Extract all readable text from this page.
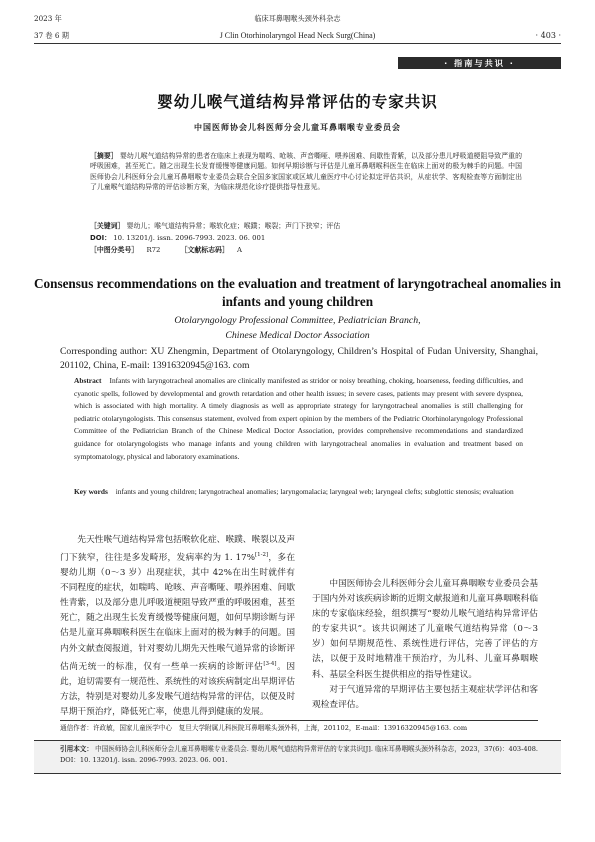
2023 年
37 卷 6 期
临床耳鼻咽喉头颈外科杂志
J Clin Otorhinolaryngol Head Neck Surg(China)	· 403 ·
· 指南与共识 ·
婴幼儿喉气道结构异常评估的专家共识
中国医师协会儿科医师分会儿童耳鼻咽喉专业委员会
［摘要］ 婴幼儿喉气道结构异常的患者在临床上表现为喘鸣、呛咳、声音嘶哑、喂养困难、间歇性青紫，以及部分患儿呼吸道梗阻导致严重的呼吸困难，甚至死亡。随之出现生长发育缓慢等健康问题。如何早期诊断与评估是儿童耳鼻咽喉科医生在临床上面对的极为棘手的问题。中国医师协会儿科医师分会儿童耳鼻咽喉专业委员会联合全国多家国家或区域儿童医疗中心讨论拟定评估共识，从症状学、客观检查等方面制定出了儿童喉气道结构异常的评估诊断方案，为临床规范化诊疗提供指导性意见。
［关键词］ 婴幼儿；喉气道结构异常；喉软化症；喉蹼；喉裂；声门下狭窄；评估
DOI： 10. 13201/j. issn. 2096-7993. 2023. 06. 001
［中图分类号］ R72	［文献标志码］ A
Consensus recommendations on the evaluation and treatment of laryngotracheal anomalies in infants and young children
Otolaryngology Professional Committee, Pediatrician Branch,
Chinese Medical Doctor Association
Corresponding author: XU Zhengmin, Department of Otolaryngology, Children’s Hospital of Fudan University, Shanghai, 201102, China, E-mail: 13916320945@163. com
Abstract Infants with laryngotracheal anomalies are clinically manifested as stridor or noisy breathing, choking, hoarseness, feeding difficulties, and cyanotic spells, followed by developmental and growth retardation and other health issues; in severe cases, patients may present with severe dyspnea, which is associated with high mortality. A timely diagnosis as well as appropriate strategy for laryngotracheal anomalies is still challenging for pediatric otolaryngologists. This consensus statement, evolved from expert opinion by the members of the Pediatric Otorhinolaryngology Professional Committee of the Pediatrician Branch of the Chinese Medical Doctor Association, provides comprehensive recommendations and standardized guidance for otolaryngologists who manage infants and young children with laryngotracheal anomalies in evaluation and treatment based on symptomatology, physical and laboratory examinations.
Key words infants and young children; laryngotracheal anomalies; laryngomalacia; laryngeal web; laryngeal clefts; subglottic stenosis; evaluation

先天性喉气道结构异常包括喉软化症、喉蹼、喉裂以及声门下狭窄，往往是多发畸形，发病率约为 1. 17%[1-2]，多在婴幼儿期（0～3 岁）出现症状，其中 42%在出生时就伴有不同程度的症状，如喘鸣、呛咳、声音嘶哑、喂养困难、间歇性青紫，以及部分患儿呼吸道梗阻导致严重的呼吸困难，甚至死亡，随之出现生长发育缓慢等健康问题，如何早期诊断与评估是儿童耳鼻咽喉科医生在临床上面对的极为棘手的问题。国内外文献查阅报道，针对婴幼儿期先天性喉气道异常的诊断评估尚无统一的标准，仅有一些单一疾病的诊断评估[3-4]。因此，迫切需要有一规范性、系统性的对该疾病制定出早期评估方法，特别是对婴幼儿多发喉气道结构异常的评估，以便及时早期干预治疗，降低死亡率，使患儿得到健康的发展。

中国医师协会儿科医师分会儿童耳鼻咽喉专业委员会基于国内外对该疾病诊断的近期文献报道和儿童耳鼻咽喉科临床的专家临床经验，组织撰写“婴幼儿喉气道结构异常评估的专家共识”。该共识阐述了儿童喉气道结构异常（0～3 岁）如何早期规范性、系统性进行评估，完善了评估的方法，以便于及时地精准干预治疗，为儿科、儿童耳鼻咽喉科、基层全科医生提供相应的指导性建议。

对于气道异常的早期评估主要包括主观症状学评估和客观检查评估。

通信作者：许政敏，国家儿童医学中心　复旦大学附属儿科医院耳鼻咽喉头颈外科，上海，201102，E-mail：13916320945@163. com
引用本文： 中国医师协会儿科医师分会儿童耳鼻咽喉专业委员会. 婴幼儿喉气道结构异常评估的专家共识[J]. 临床耳鼻咽喉头颈外科杂志，2023，37(6)：403-408. DOI：10. 13201/j. issn. 2096-7993. 2023. 06. 001.
